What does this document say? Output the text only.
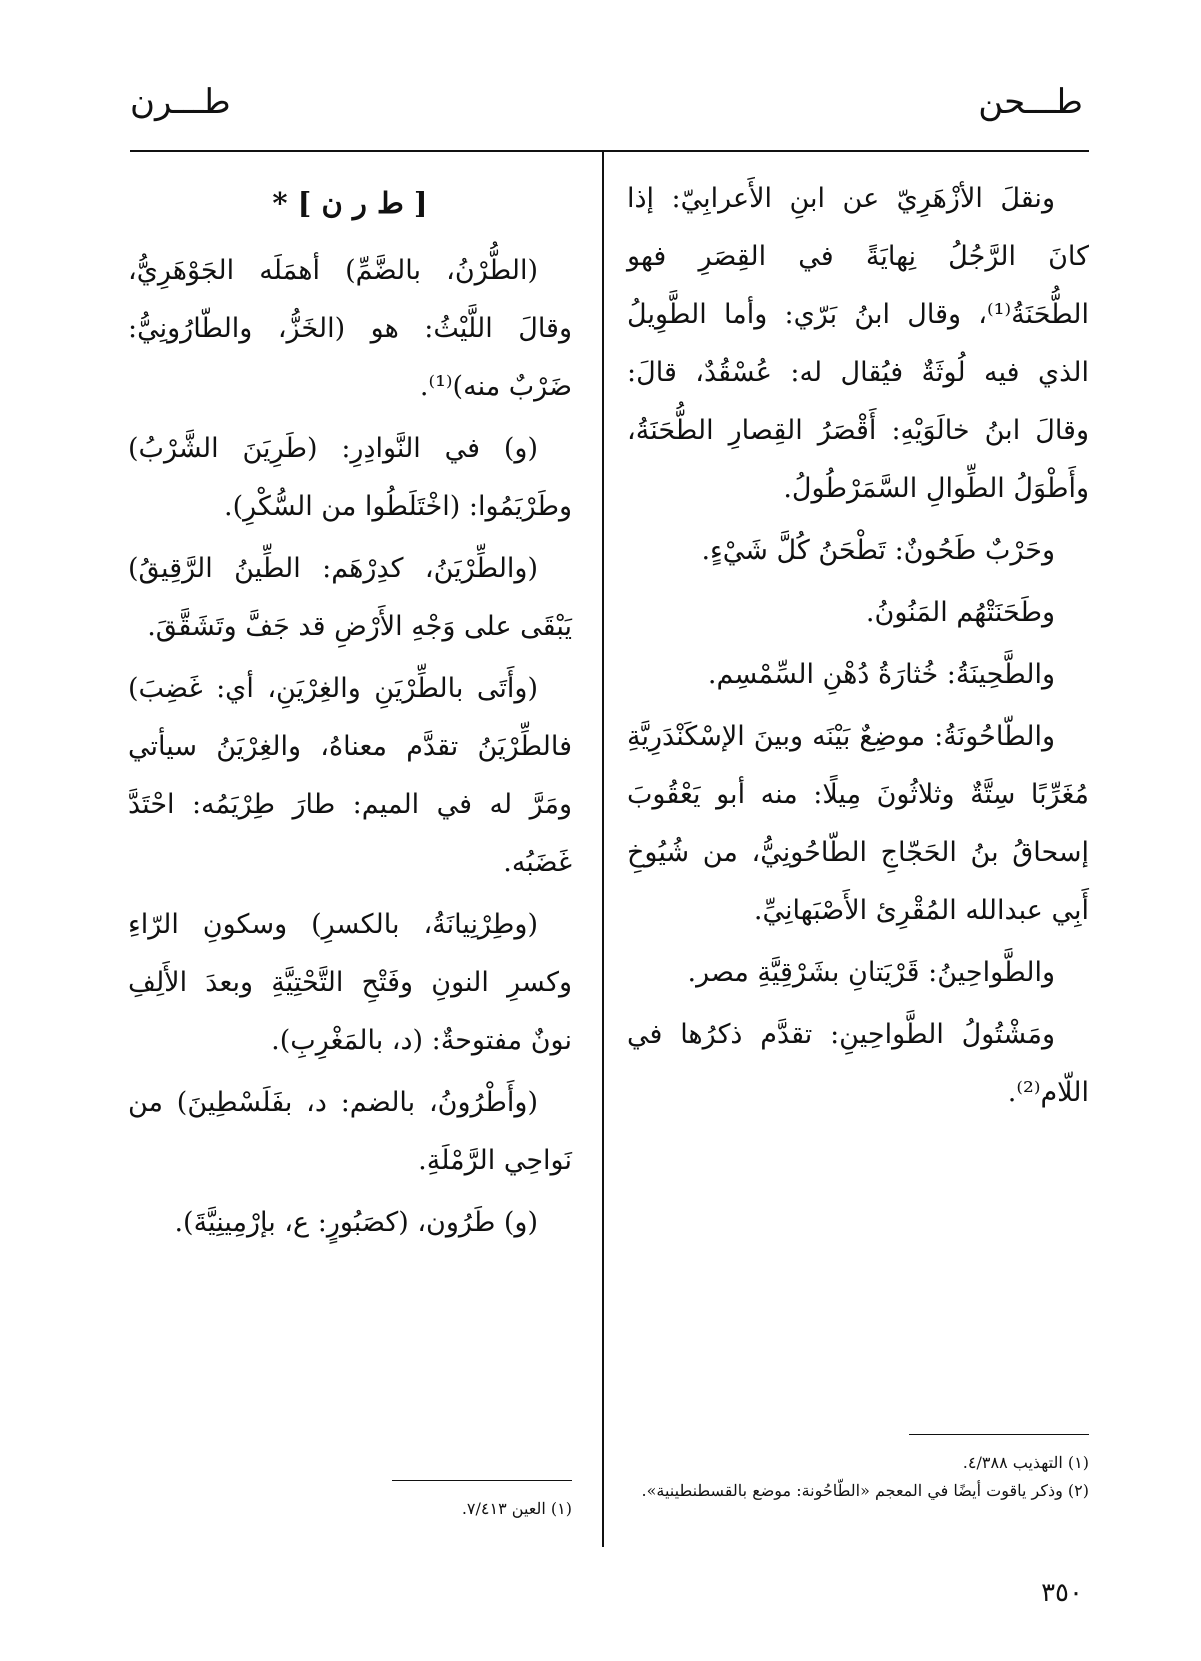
طـــحن
طـــرن

ونقلَ الأزْهَرِيّ عن ابنِ الأَعرابِيّ: إذا كانَ الرَّجُلُ نِهايَةً في القِصَرِ فهو الطُّحَنَةُ⁽¹⁾، وقال ابنُ بَرّي: وأما الطَّوِيلُ الذي فيه لُوثَةٌ فيُقال له: عُسْقُدٌ، قالَ: وقالَ ابنُ خالَوَيْهِ: أَقْصَرُ القِصارِ الطُّحَنَةُ، وأَطْوَلُ الطِّوالِ السَّمَرْطُولُ.

وحَرْبٌ طَحُونٌ: تَطْحَنُ كُلَّ شَيْءٍ.

وطَحَنَتْهُم المَنُونُ.

والطَّحِينَةُ: خُثارَةُ دُهْنِ السِّمْسِم.

والطّاحُونَةُ: موضِعٌ بَيْنَه وبينَ الإسْكَنْدَرِيَّةِ مُغَرِّبًا سِتَّةٌ وثلاثُونَ مِيلًا: منه أبو يَعْقُوبَ إسحاقُ بنُ الحَجّاجِ الطّاحُونِيُّ، من شُيُوخِ أَبِي عبدالله المُقْرِئ الأَصْبَهانِيِّ.

والطَّواحِينُ: قَرْيَتانِ بشَرْقِيَّةِ مصر.

ومَشْتُولُ الطَّواحِينِ: تقدَّم ذكرُها في اللّام⁽²⁾.

(١) التهذيب ٤/٣٨٨.

(٢) وذكر ياقوت أيضًا في المعجم «الطّاحُونة: موضع بالقسطنطينية».

[ ط ر ن ] *

(الطُّرْنُ، بالضَّمِّ) أهمَلَه الجَوْهَرِيُّ، وقالَ اللَّيْثُ: هو (الخَزُّ، والطّارُونِيُّ: ضَرْبٌ منه)⁽¹⁾.

(و) في النَّوادِرِ: (طَرِيَنَ الشَّرْبُ) وطَرْيَمُوا: (اخْتَلَطُوا من السُّكْرِ).

(والطِّرْيَنُ، كدِرْهَم: الطِّينُ الرَّقِيقُ) يَبْقَى على وَجْهِ الأَرْضِ قد جَفَّ وتَشَقَّقَ.

(وأَتَى بالطِّرْيَنِ والغِرْيَنِ، أي: غَضِبَ) فالطِّرْيَنُ تقدَّم معناهُ، والغِرْيَنُ سيأتي ومَرَّ له في الميم: طارَ طِرْيَمُه: احْتَدَّ غَضَبُه.

(وطِرْنِيانَةُ، بالكسرِ) وسكونِ الرّاءِ وكسرِ النونِ وفَتْحِ التَّحْتِيَّةِ وبعدَ الأَلِفِ نونٌ مفتوحةٌ: (د، بالمَغْرِبِ).

(وأَطْرُونُ، بالضم: د، بفَلَسْطِينَ) من نَواحِي الرَّمْلَةِ.

(و) طَرُون، (كصَبُورٍ: ع، بإرْمِينِيَّةَ).

(١) العين ٧/٤١٣.

٣٥٠
